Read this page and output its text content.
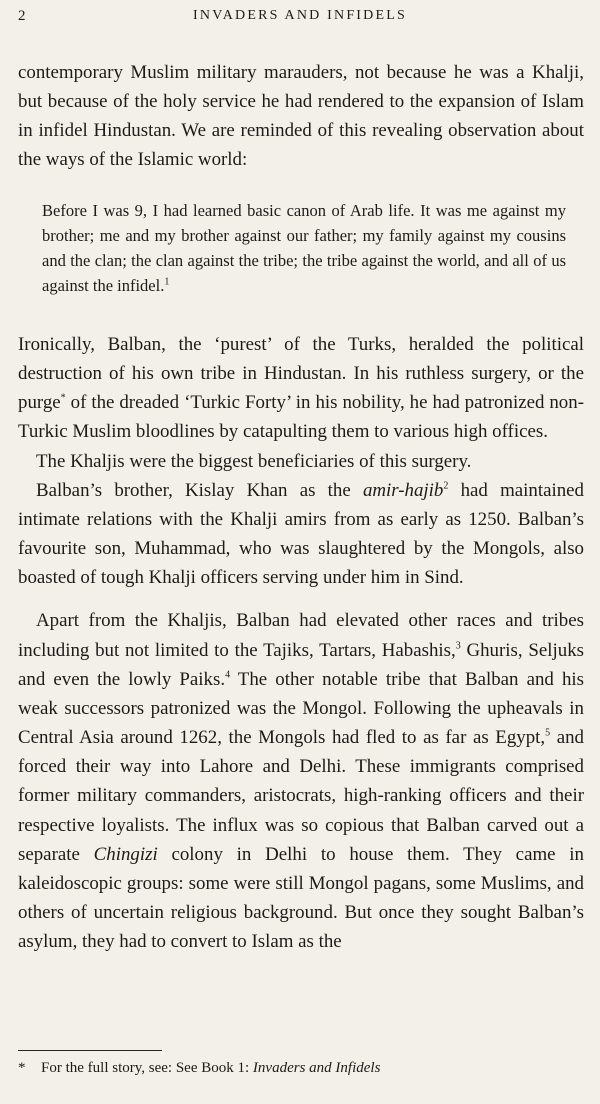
2	INVADERS AND INFIDELS

contemporary Muslim military marauders, not because he was a Khalji, but because of the holy service he had rendered to the expansion of Islam in infidel Hindustan. We are reminded of this revealing observation about the ways of the Islamic world:

Before I was 9, I had learned basic canon of Arab life. It was me against my brother; me and my brother against our father; my family against my cousins and the clan; the clan against the tribe; the tribe against the world, and all of us against the infidel.$^1$

Ironically, Balban, the ‘purest’ of the Turks, heralded the political destruction of his own tribe in Hindustan. In his ruthless surgery, or the purge* of the dreaded ‘Turkic Forty’ in his nobility, he had patronized non-Turkic Muslim bloodlines by catapulting them to various high offices.

The Khaljis were the biggest beneficiaries of this surgery.

Balban’s brother, Kislay Khan as the amir-hajib$^2$ had maintained intimate relations with the Khalji amirs from as early as 1250. Balban’s favourite son, Muhammad, who was slaughtered by the Mongols, also boasted of tough Khalji officers serving under him in Sind.

Apart from the Khaljis, Balban had elevated other races and tribes including but not limited to the Tajiks, Tartars, Habashis,$^3$ Ghuris, Seljuks and even the lowly Paiks.$^4$ The other notable tribe that Balban and his weak successors patronized was the Mongol. Following the upheavals in Central Asia around 1262, the Mongols had fled to as far as Egypt,$^5$ and forced their way into Lahore and Delhi. These immigrants comprised former military commanders, aristocrats, high-ranking officers and their respective loyalists. The influx was so copious that Balban carved out a separate Chingizi colony in Delhi to house them. They came in kaleidoscopic groups: some were still Mongol pagans, some Muslims, and others of uncertain religious background. But once they sought Balban’s asylum, they had to convert to Islam as the

* For the full story, see: See Book 1: Invaders and Infidels
